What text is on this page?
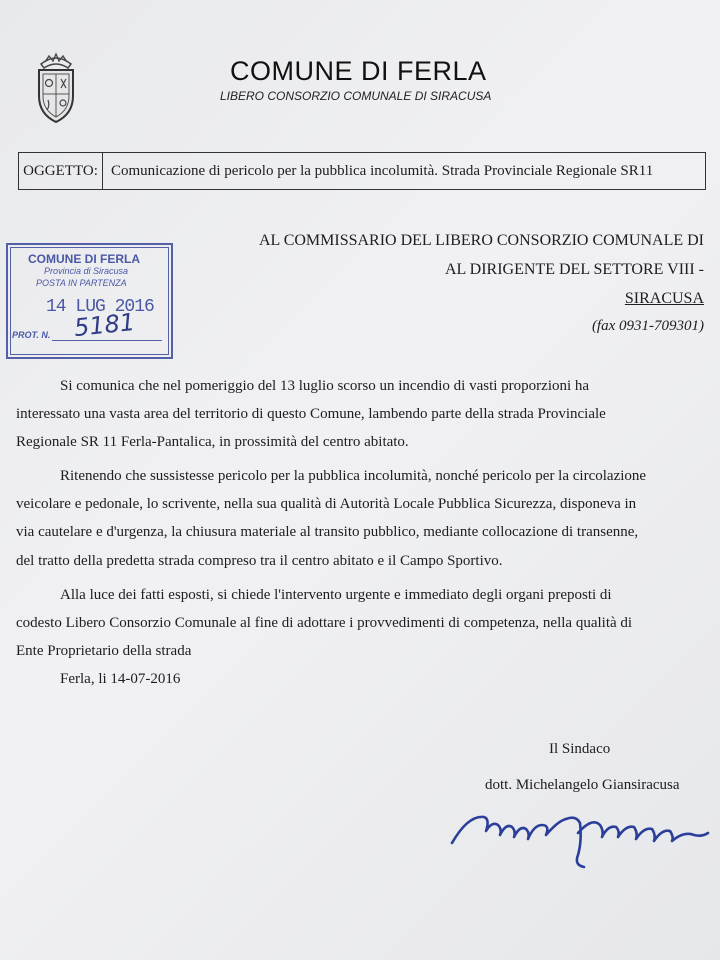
COMUNE DI FERLA
LIBERO CONSORZIO COMUNALE DI SIRACUSA
OGGETTO: Comunicazione di pericolo per la pubblica incolumità. Strada Provinciale Regionale SR11
COMUNE DI FERLA
Provincia di Siracusa
POSTA IN PARTENZA
14 LUG 2016
PROT. N. 5181
AL COMMISSARIO DEL LIBERO CONSORZIO COMUNALE DI
AL DIRIGENTE DEL SETTORE VIII -
SIRACUSA
(fax 0931-709301)
Si comunica che nel pomeriggio del 13 luglio scorso un incendio di vasti proporzioni ha
interessato una vasta area del territorio di questo Comune, lambendo parte della strada Provinciale
Regionale SR 11 Ferla-Pantalica, in prossimità del centro abitato.
Ritenendo che sussistesse pericolo per la pubblica incolumità, nonché pericolo per la circolazione
veicolare e pedonale, lo scrivente, nella sua qualità di Autorità Locale Pubblica Sicurezza, disponeva in
via cautelare e d'urgenza, la chiusura materiale al transito pubblico, mediante collocazione di transenne,
del tratto della predetta strada compreso tra il centro abitato e il Campo Sportivo.
Alla luce dei fatti esposti, si chiede l'intervento urgente e immediato degli organi preposti di
codesto Libero Consorzio Comunale al fine di adottare i provvedimenti di competenza, nella qualità di
Ente Proprietario della strada
Ferla, li 14-07-2016
Il Sindaco
dott. Michelangelo Giansiracusa
